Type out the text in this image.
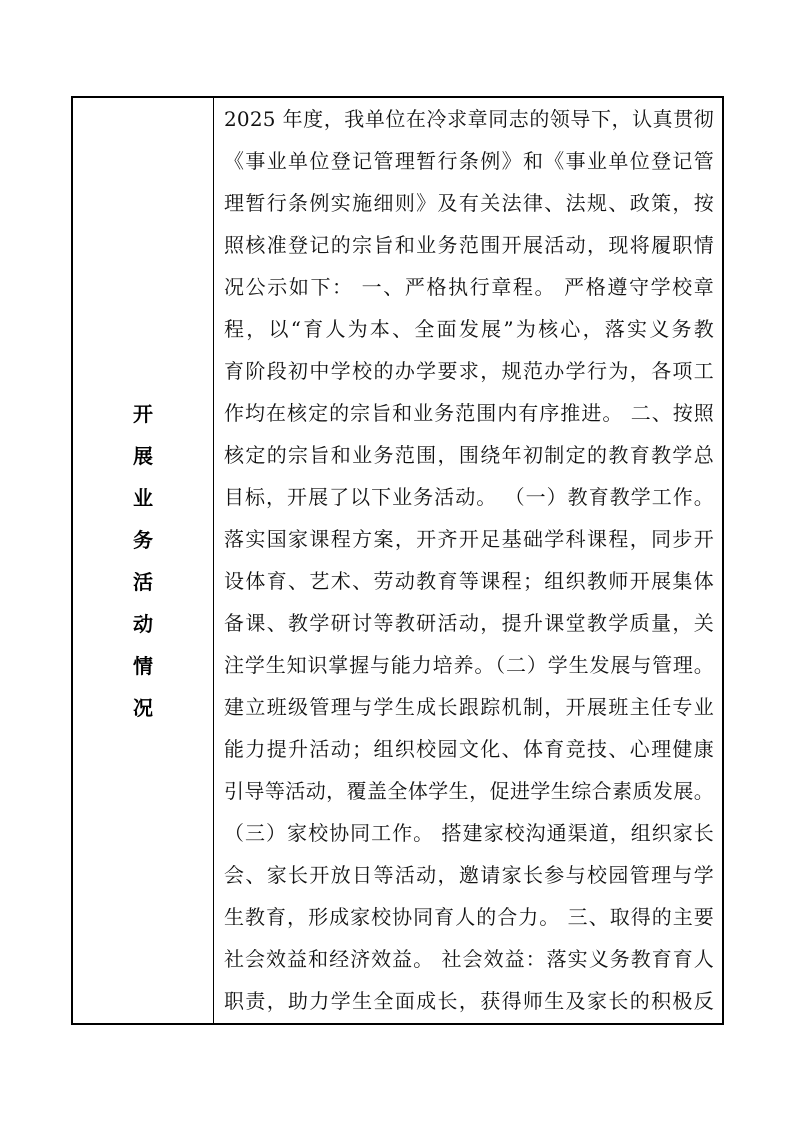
开
展
业
务
活
动
情
况
2025 年度，我单位在冷求章同志的领导下，认真贯彻
《事业单位登记管理暂行条例》和《事业单位登记管
理暂行条例实施细则》及有关法律、法规、政策，按
照核准登记的宗旨和业务范围开展活动，现将履职情
况公示如下： 一、严格执行章程。 严格遵守学校章
程，以“育人为本、全面发展”为核心，落实义务教
育阶段初中学校的办学要求，规范办学行为，各项工
作均在核定的宗旨和业务范围内有序推进。 二、按照
核定的宗旨和业务范围，围绕年初制定的教育教学总
目标，开展了以下业务活动。 （一）教育教学工作。
落实国家课程方案，开齐开足基础学科课程，同步开
设体育、艺术、劳动教育等课程；组织教师开展集体
备课、教学研讨等教研活动，提升课堂教学质量，关
注学生知识掌握与能力培养。（二）学生发展与管理。
建立班级管理与学生成长跟踪机制，开展班主任专业
能力提升活动；组织校园文化、体育竞技、心理健康
引导等活动，覆盖全体学生，促进学生综合素质发展。
（三）家校协同工作。 搭建家校沟通渠道，组织家长
会、家长开放日等活动，邀请家长参与校园管理与学
生教育，形成家校协同育人的合力。 三、取得的主要
社会效益和经济效益。 社会效益：落实义务教育育人
职责，助力学生全面成长，获得师生及家长的积极反
